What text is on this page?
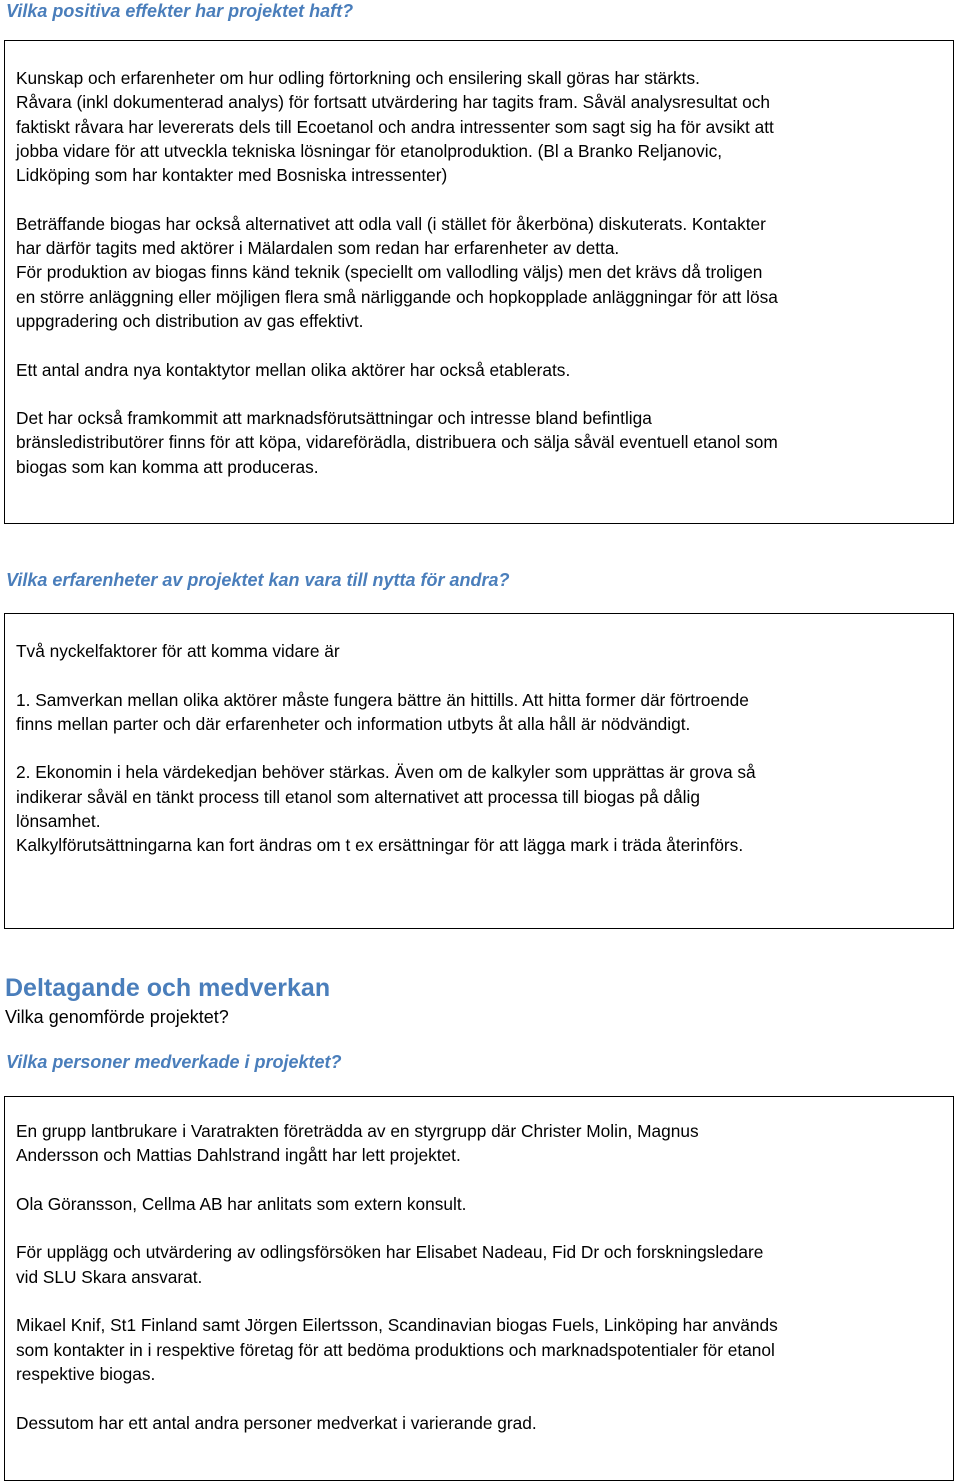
Vilka positiva effekter har projektet haft?

Kunskap och erfarenheter om hur odling förtorkning och ensilering skall göras har stärkts.

Råvara (inkl dokumenterad analys) för fortsatt utvärdering har tagits fram. Såväl analysresultat och

faktiskt råvara har levererats dels till Ecoetanol och andra intressenter som sagt sig ha för avsikt att

jobba vidare för att utveckla tekniska lösningar för etanolproduktion. (Bl a Branko Reljanovic,

Lidköping som har kontakter med Bosniska intressenter)

Beträffande biogas har också alternativet att odla vall (i stället för åkerböna) diskuterats. Kontakter

har därför tagits med aktörer i Mälardalen som redan har erfarenheter av detta.

För produktion av biogas finns känd teknik (speciellt om vallodling väljs) men det krävs då troligen

en större anläggning eller möjligen flera små närliggande och hopkopplade anläggningar för att lösa

uppgradering och distribution av gas effektivt.

Ett antal andra nya kontaktytor mellan olika aktörer har också etablerats.

Det har också framkommit att marknadsförutsättningar och intresse bland befintliga

bränsledistributörer finns för att köpa, vidareförädla, distribuera och sälja såväl eventuell etanol som

biogas som kan komma att produceras.

Vilka erfarenheter av projektet kan vara till nytta för andra?

Två nyckelfaktorer för att komma vidare är

1. Samverkan mellan olika aktörer måste fungera bättre än hittills. Att hitta former där förtroende

finns mellan parter och där erfarenheter och information utbyts åt alla håll är nödvändigt.

2. Ekonomin i hela värdekedjan behöver stärkas. Även om de kalkyler som upprättas är grova så

indikerar såväl en tänkt process till etanol som alternativet att processa till biogas på dålig

lönsamhet.

Kalkylförutsättningarna kan fort ändras om t ex ersättningar för att lägga mark i träda återinförs.

Deltagande och medverkan

Vilka genomförde projektet?

Vilka personer medverkade i projektet?

En grupp lantbrukare i Varatrakten företrädda av en styrgrupp där Christer Molin, Magnus

Andersson och Mattias Dahlstrand ingått har lett projektet.

Ola Göransson, Cellma AB har anlitats som extern konsult.

För upplägg och utvärdering av odlingsförsöken har Elisabet Nadeau, Fid Dr och forskningsledare

vid SLU Skara ansvarat.

Mikael Knif, St1 Finland samt Jörgen Eilertsson, Scandinavian biogas Fuels, Linköping har används

som kontakter in i respektive företag för att bedöma produktions och marknadspotentialer för etanol

respektive biogas.

Dessutom har ett antal andra personer medverkat i varierande grad.
